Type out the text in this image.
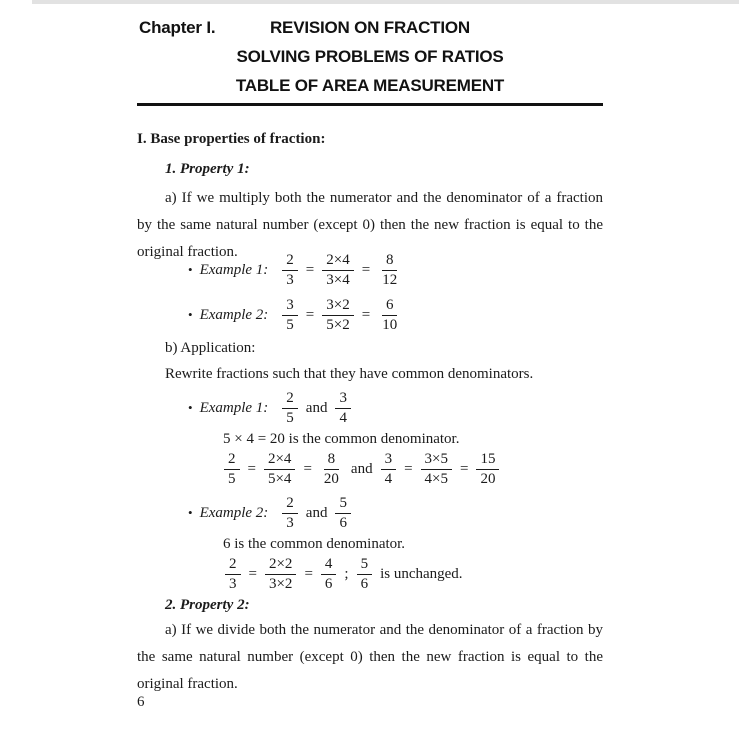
Chapter I.	REVISION ON FRACTION
SOLVING PROBLEMS OF RATIOS
TABLE OF AREA MEASUREMENT
I. Base properties of fraction:
1. Property 1:
a) If we multiply both the numerator and the denominator of a fraction by the same natural number (except 0) then the new fraction is equal to the original fraction.
• Example 1: $\frac{2}{3} = \frac{2\times 4}{3\times 4} = \frac{8}{12}$
• Example 2: $\frac{3}{5} = \frac{3\times 2}{5\times 2} = \frac{6}{10}$
b) Application:
Rewrite fractions such that they have common denominators.
• Example 1: $\frac{2}{5}$ and $\frac{3}{4}$
5 × 4 = 20 is the common denominator.
$\frac{2}{5} = \frac{2\times 4}{5\times 4} = \frac{8}{20}$ and $\frac{3}{4} = \frac{3\times 5}{4\times 5} = \frac{15}{20}$
• Example 2: $\frac{2}{3}$ and $\frac{5}{6}$
6 is the common denominator.
$\frac{2}{3} = \frac{2\times 2}{3\times 2} = \frac{4}{6}$ ; $\frac{5}{6}$ is unchanged.
2. Property 2:
a) If we divide both the numerator and the denominator of a fraction by the same natural number (except 0) then the new fraction is equal to the original fraction.
6
